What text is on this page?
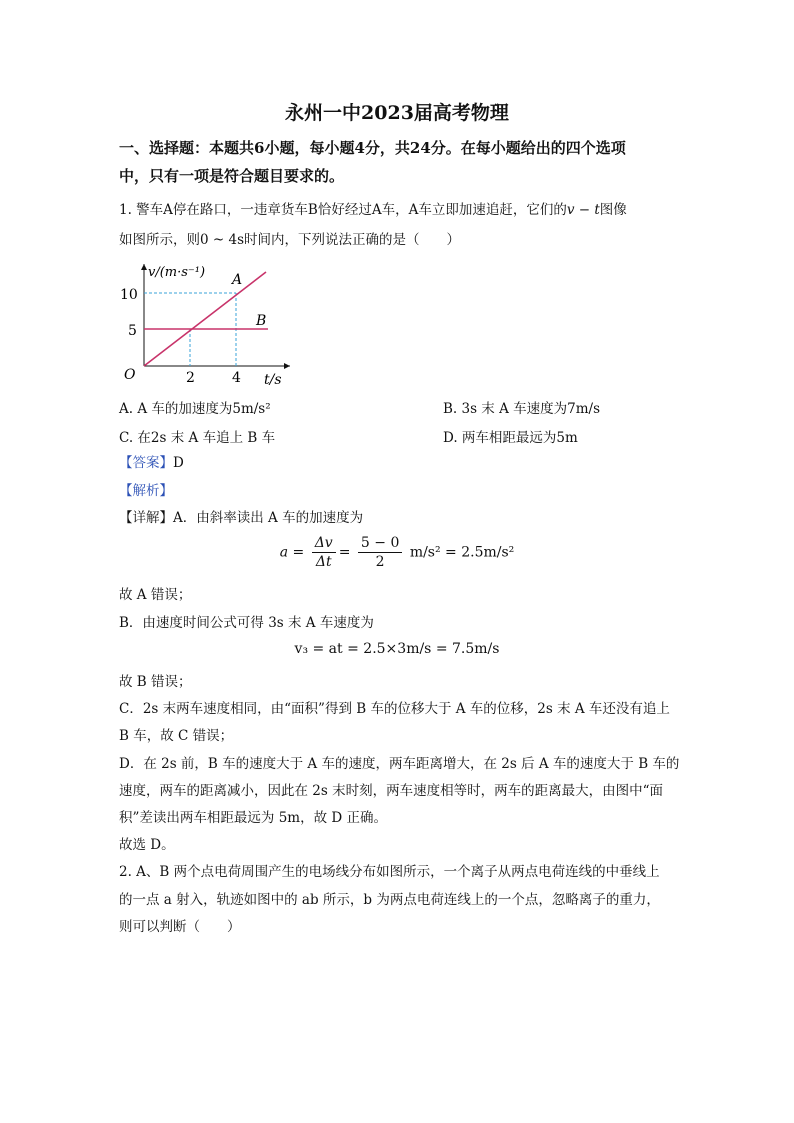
永州一中2023届高考物理
一、选择题：本题共6小题，每小题4分，共24分。在每小题给出的四个选项
中，只有一项是符合题目要求的。
1. 警车A停在路口，一违章货车B恰好经过A车，A车立即加速追赶，它们的v − t图像
如图所示，则0 ~ 4s时间内，下列说法正确的是（　　）
v/(m·s⁻¹)
10
5
O	2	4 t/s
A
B
A. A 车的加速度为5m/s²	B. 3s 末 A 车速度为7m/s
C. 在2s 末 A 车追上 B 车	D. 两车相距最远为5m
【答案】D
【解析】
【详解】A．由斜率读出 A 车的加速度为
$a = \frac{\Delta v}{\Delta t} = \frac{5 - 0}{2} m/s^2 = 2.5m/s^2$
故 A 错误；
B．由速度时间公式可得 3s 末 A 车速度为
v₃ = at = 2.5×3m/s = 7.5m/s
故 B 错误；
C．2s 末两车速度相同，由“面积”得到 B 车的位移大于 A 车的位移，2s 末 A 车还没有追上
B 车，故 C 错误；
D．在 2s 前，B 车的速度大于 A 车的速度，两车距离增大，在 2s 后 A 车的速度大于 B 车的
速度，两车的距离减小，因此在 2s 末时刻，两车速度相等时，两车的距离最大，由图中“面
积”差读出两车相距最远为 5m，故 D 正确。
故选 D。
2. A、B 两个点电荷周围产生的电场线分布如图所示，一个离子从两点电荷连线的中垂线上
的一点 a 射入，轨迹如图中的 ab 所示，b 为两点电荷连线上的一个点，忽略离子的重力，
则可以判断（　　）
